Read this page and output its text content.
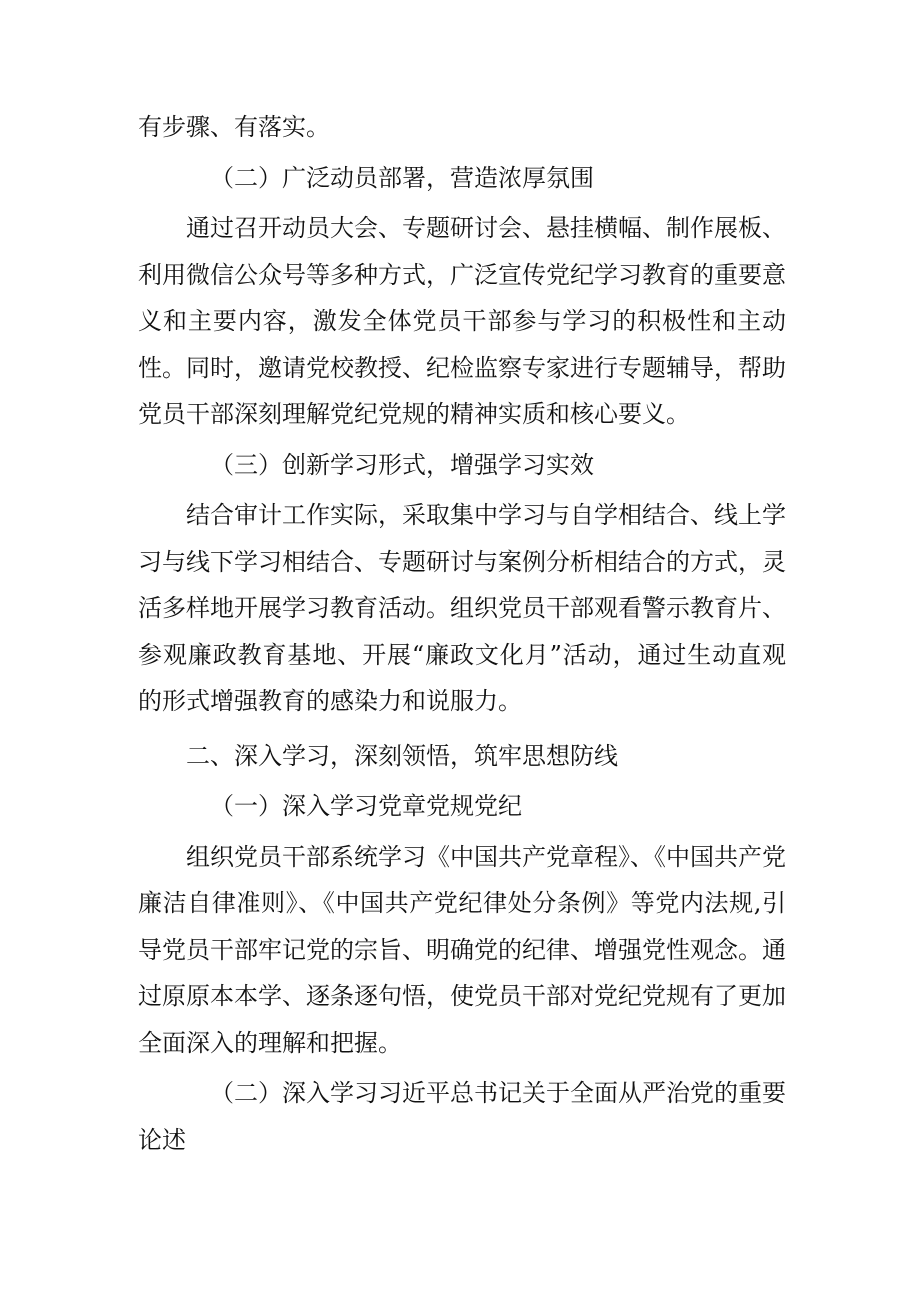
有步骤、有落实。

（二）广泛动员部署，营造浓厚氛围

通过召开动员大会、专题研讨会、悬挂横幅、制作展板、利用微信公众号等多种方式，广泛宣传党纪学习教育的重要意义和主要内容，激发全体党员干部参与学习的积极性和主动性。同时，邀请党校教授、纪检监察专家进行专题辅导，帮助党员干部深刻理解党纪党规的精神实质和核心要义。

（三）创新学习形式，增强学习实效

结合审计工作实际，采取集中学习与自学相结合、线上学习与线下学习相结合、专题研讨与案例分析相结合的方式，灵活多样地开展学习教育活动。组织党员干部观看警示教育片、参观廉政教育基地、开展“廉政文化月”活动，通过生动直观的形式增强教育的感染力和说服力。

二、深入学习，深刻领悟，筑牢思想防线

（一）深入学习党章党规党纪

组织党员干部系统学习《中国共产党章程》、《中国共产党廉洁自律准则》、《中国共产党纪律处分条例》等党内法规,引导党员干部牢记党的宗旨、明确党的纪律、增强党性观念。通过原原本本学、逐条逐句悟，使党员干部对党纪党规有了更加全面深入的理解和把握。

（二）深入学习习近平总书记关于全面从严治党的重要论述
